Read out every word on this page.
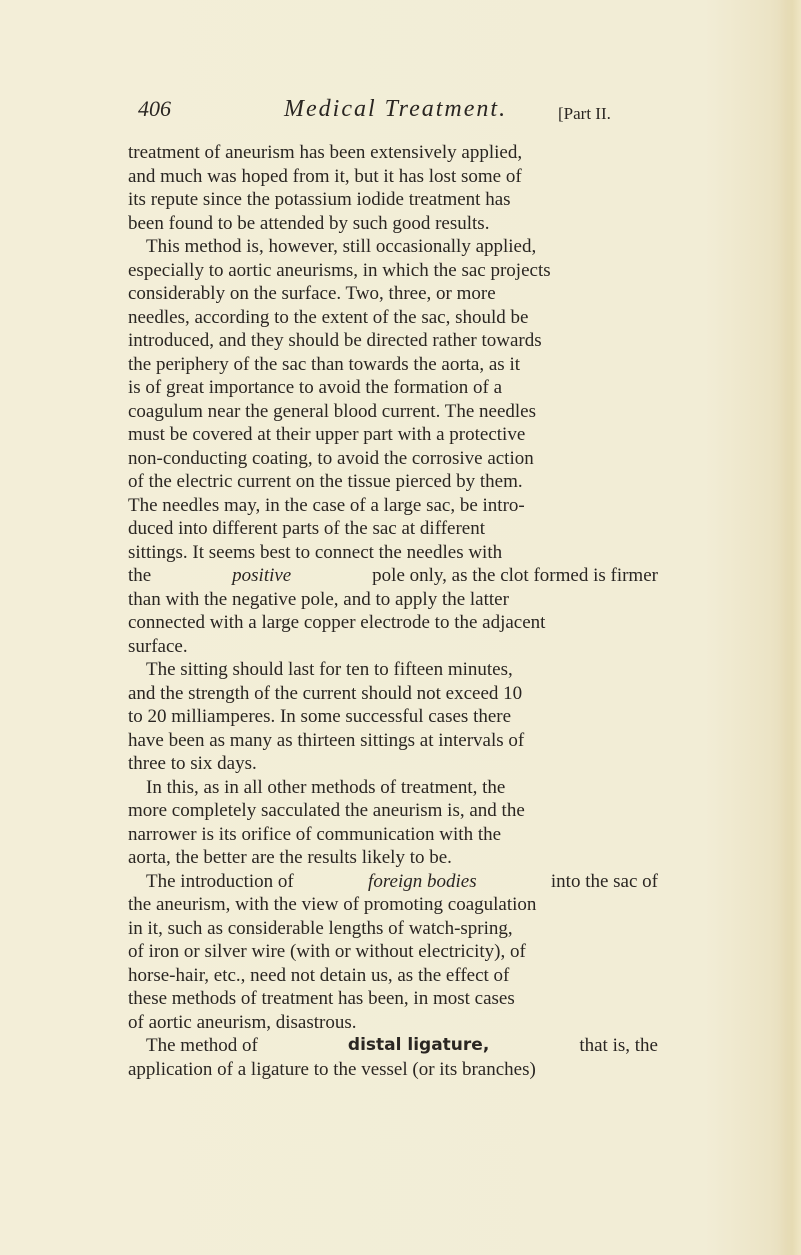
406	Medical Treatment.	[Part II.
treatment of aneurism has been extensively applied,
and much was hoped from it, but it has lost some of
its repute since the potassium iodide treatment has
been found to be attended by such good results.
This method is, however, still occasionally applied,
especially to aortic aneurisms, in which the sac projects
considerably on the surface. Two, three, or more
needles, according to the extent of the sac, should be
introduced, and they should be directed rather towards
the periphery of the sac than towards the aorta, as it
is of great importance to avoid the formation of a
coagulum near the general blood current. The needles
must be covered at their upper part with a protective
non-conducting coating, to avoid the corrosive action
of the electric current on the tissue pierced by them.
The needles may, in the case of a large sac, be intro-
duced into different parts of the sac at different
sittings. It seems best to connect the needles with
the	positive	pole only, as the clot formed is firmer
than with the negative pole, and to apply the latter
connected with a large copper electrode to the adjacent
surface.
The sitting should last for ten to fifteen minutes,
and the strength of the current should not exceed 10
to 20 milliamperes. In some successful cases there
have been as many as thirteen sittings at intervals of
three to six days.
In this, as in all other methods of treatment, the
more completely sacculated the aneurism is, and the
narrower is its orifice of communication with the
aorta, the better are the results likely to be.
The introduction of	foreign bodies	into the sac of
the aneurism, with the view of promoting coagulation
in it, such as considerable lengths of watch-spring,
of iron or silver wire (with or without electricity), of
horse-hair, etc., need not detain us, as the effect of
these methods of treatment has been, in most cases
of aortic aneurism, disastrous.
The method of	distal ligature,	that is, the
application of a ligature to the vessel (or its branches)
